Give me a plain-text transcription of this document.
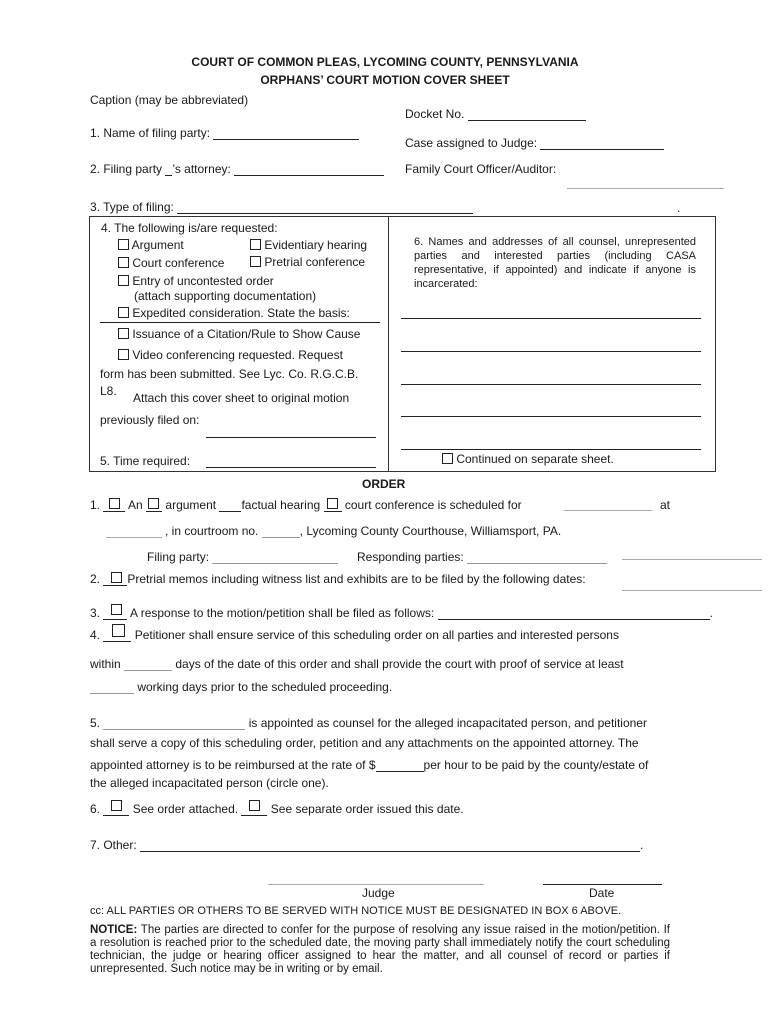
COURT OF COMMON PLEAS, LYCOMING COUNTY, PENNSYLVANIA
ORPHANS’ COURT MOTION COVER SHEET
Caption (may be abbreviated)
Docket No.
1. Name of filing party:
Case assigned to Judge:
2. Filing party ’s attorney:	Family Court Officer/Auditor:
3. Type of filing:	.
4. The following is/are requested:
Argument	Evidentiary hearing
Court conference	Pretrial conference
Entry of uncontested order
(attach supporting documentation)
Expedited consideration. State the basis:
Issuance of a Citation/Rule to Show Cause
Video conferencing requested. Request
form has been submitted. See Lyc. Co. R.G.C.B.
L8. Attach this cover sheet to original motion
previously filed on:
5. Time required:
6. Names and addresses of all counsel, unrepresented parties and interested parties (including CASA representative, if appointed) and indicate if anyone is incarcerated:
Continued on separate sheet.
ORDER
1. An argument factual hearing court conference is scheduled for	at
, in courtroom no.	, Lycoming County Courthouse, Williamsport, PA.
Filing party:	Responding parties:
2. Pretrial memos including witness list and exhibits are to be filed by the following dates:
3.	A response to the motion/petition shall be filed as follows:	.
4.	Petitioner shall ensure service of this scheduling order on all parties and interested persons
within	days of the date of this order and shall provide the court with proof of service at least
working days prior to the scheduled proceeding.
5.	is appointed as counsel for the alleged incapacitated person, and petitioner
shall serve a copy of this scheduling order, petition and any attachments on the appointed attorney. The
appointed attorney is to be reimbursed at the rate of $	per hour to be paid by the county/estate of
the alleged incapacitated person (circle one).
6.	See order attached.	See separate order issued this date.
7. Other:	.
Judge	Date
cc: ALL PARTIES OR OTHERS TO BE SERVED WITH NOTICE MUST BE DESIGNATED IN BOX 6 ABOVE.
NOTICE: The parties are directed to confer for the purpose of resolving any issue raised in the motion/petition. If a resolution is reached prior to the scheduled date, the moving party shall immediately notify the court scheduling technician, the judge or hearing officer assigned to hear the matter, and all counsel of record or parties if unrepresented. Such notice may be in writing or by email.
